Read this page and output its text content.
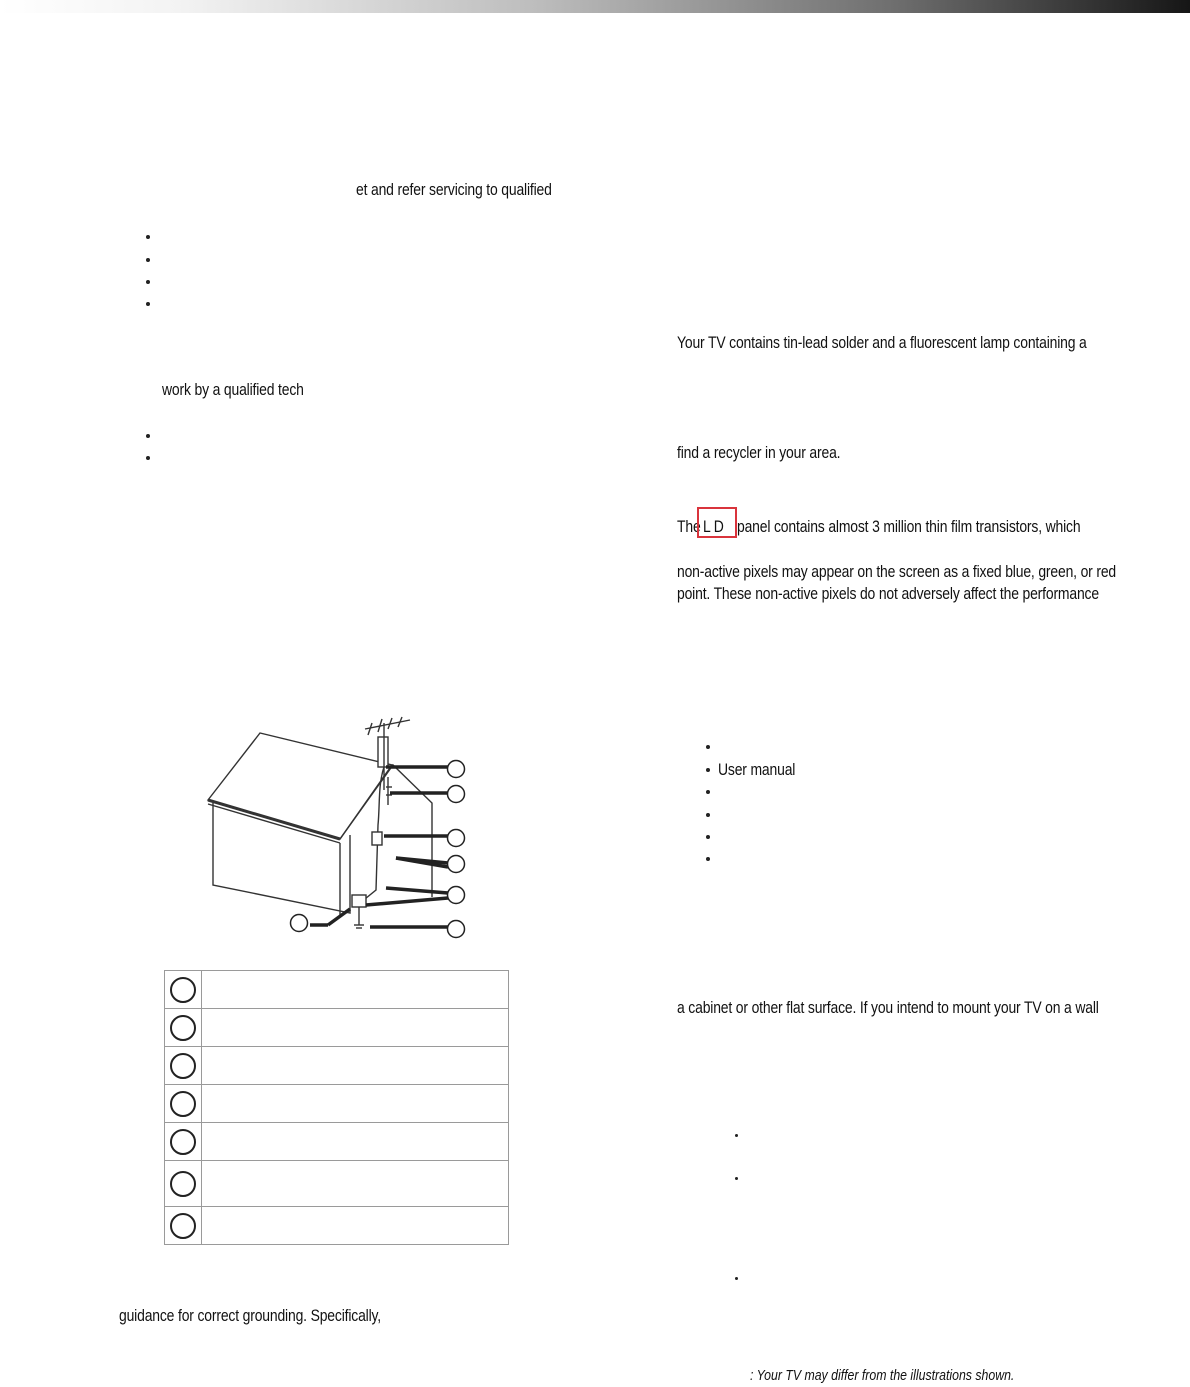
et and refer servicing to qualified
work by a qualified tech

guidance for correct grounding. Specifically,
Your TV contains tin-lead solder and a fluorescent lamp containing a
find a recycler in your area.
The L D panel contains almost 3 million thin film transistors, which
non-active pixels may appear on the screen as a fixed blue, green, or red
point. These non-active pixels do not adversely affect the performance
User manual
a cabinet or other flat surface. If you intend to mount your TV on a wall
: Your TV may differ from the illustrations shown.
